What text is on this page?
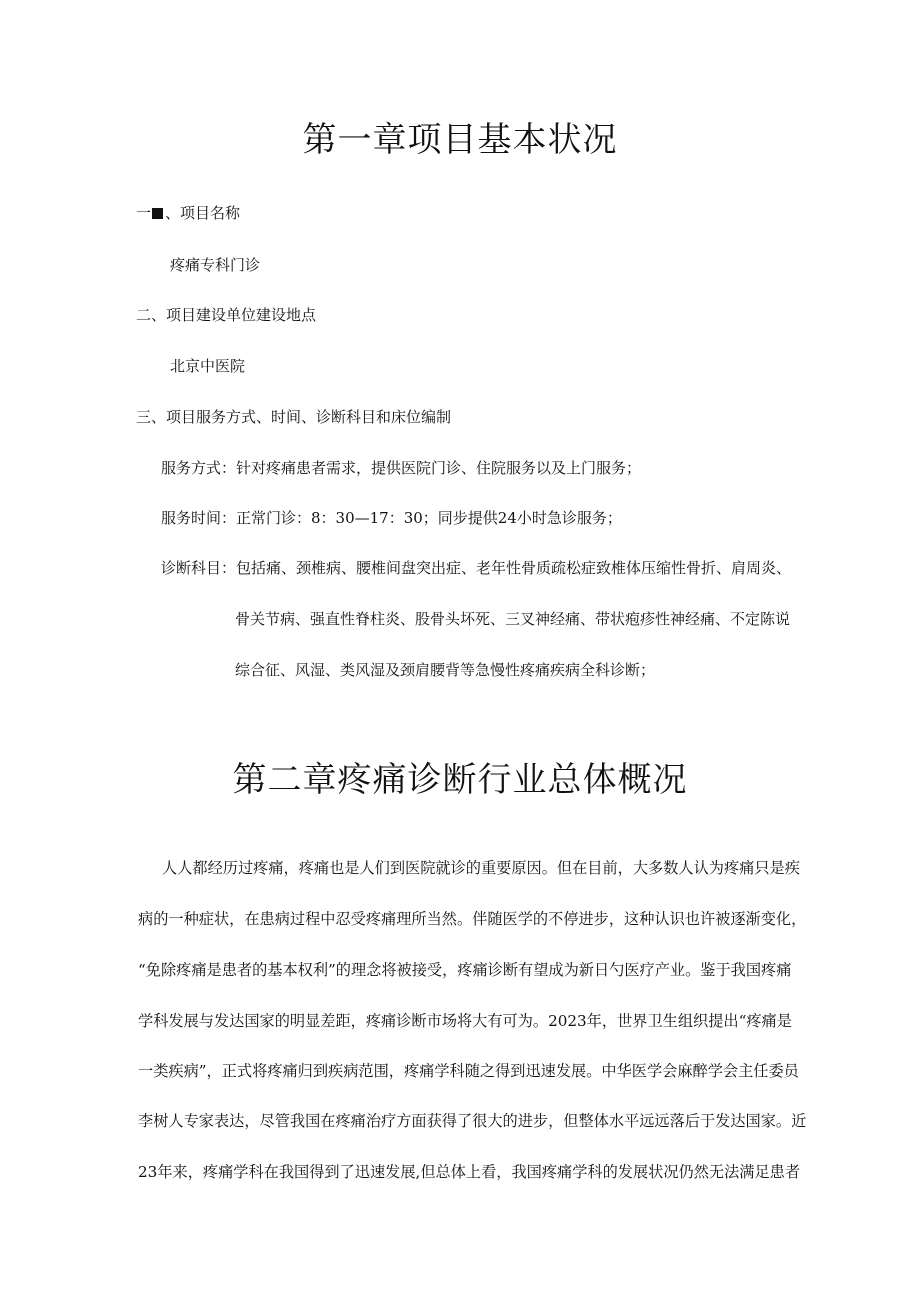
第一章项目基本状况

一 、项目名称

疼痛专科门诊

二、项目建设单位建设地点

北京中医院

三、项目服务方式、时间、诊断科目和床位编制

服务方式：针对疼痛患者需求，提供医院门诊、住院服务以及上门服务；

服务时间：正常门诊：8：30—17：30；同步提供24小时急诊服务；

诊断科目：包括痛、颈椎病、腰椎间盘突出症、老年性骨质疏松症致椎体压缩性骨折、肩周炎、

骨关节病、强直性脊柱炎、股骨头坏死、三叉神经痛、带状疱疹性神经痛、不定陈说

综合征、风湿、类风湿及颈肩腰背等急慢性疼痛疾病全科诊断；

第二章疼痛诊断行业总体概况
人人都经历过疼痛，疼痛也是人们到医院就诊的重要原因。但在目前，大多数人认为疼痛只是疾
病的一种症状，在患病过程中忍受疼痛理所当然。伴随医学的不停进步，这种认识也许被逐渐变化，
“免除疼痛是患者的基本权利”的理念将被接受，疼痛诊断有望成为新日勺医疗产业。鉴于我国疼痛
学科发展与发达国家的明显差距，疼痛诊断市场将大有可为。2023年，世界卫生组织提出“疼痛是
一类疾病”，正式将疼痛归到疾病范围，疼痛学科随之得到迅速发展。中华医学会麻醉学会主任委员
李树人专家表达，尽管我国在疼痛治疗方面获得了很大的进步，但整体水平远远落后于发达国家。近
23年来，疼痛学科在我国得到了迅速发展,但总体上看，我国疼痛学科的发展状况仍然无法满足患者
